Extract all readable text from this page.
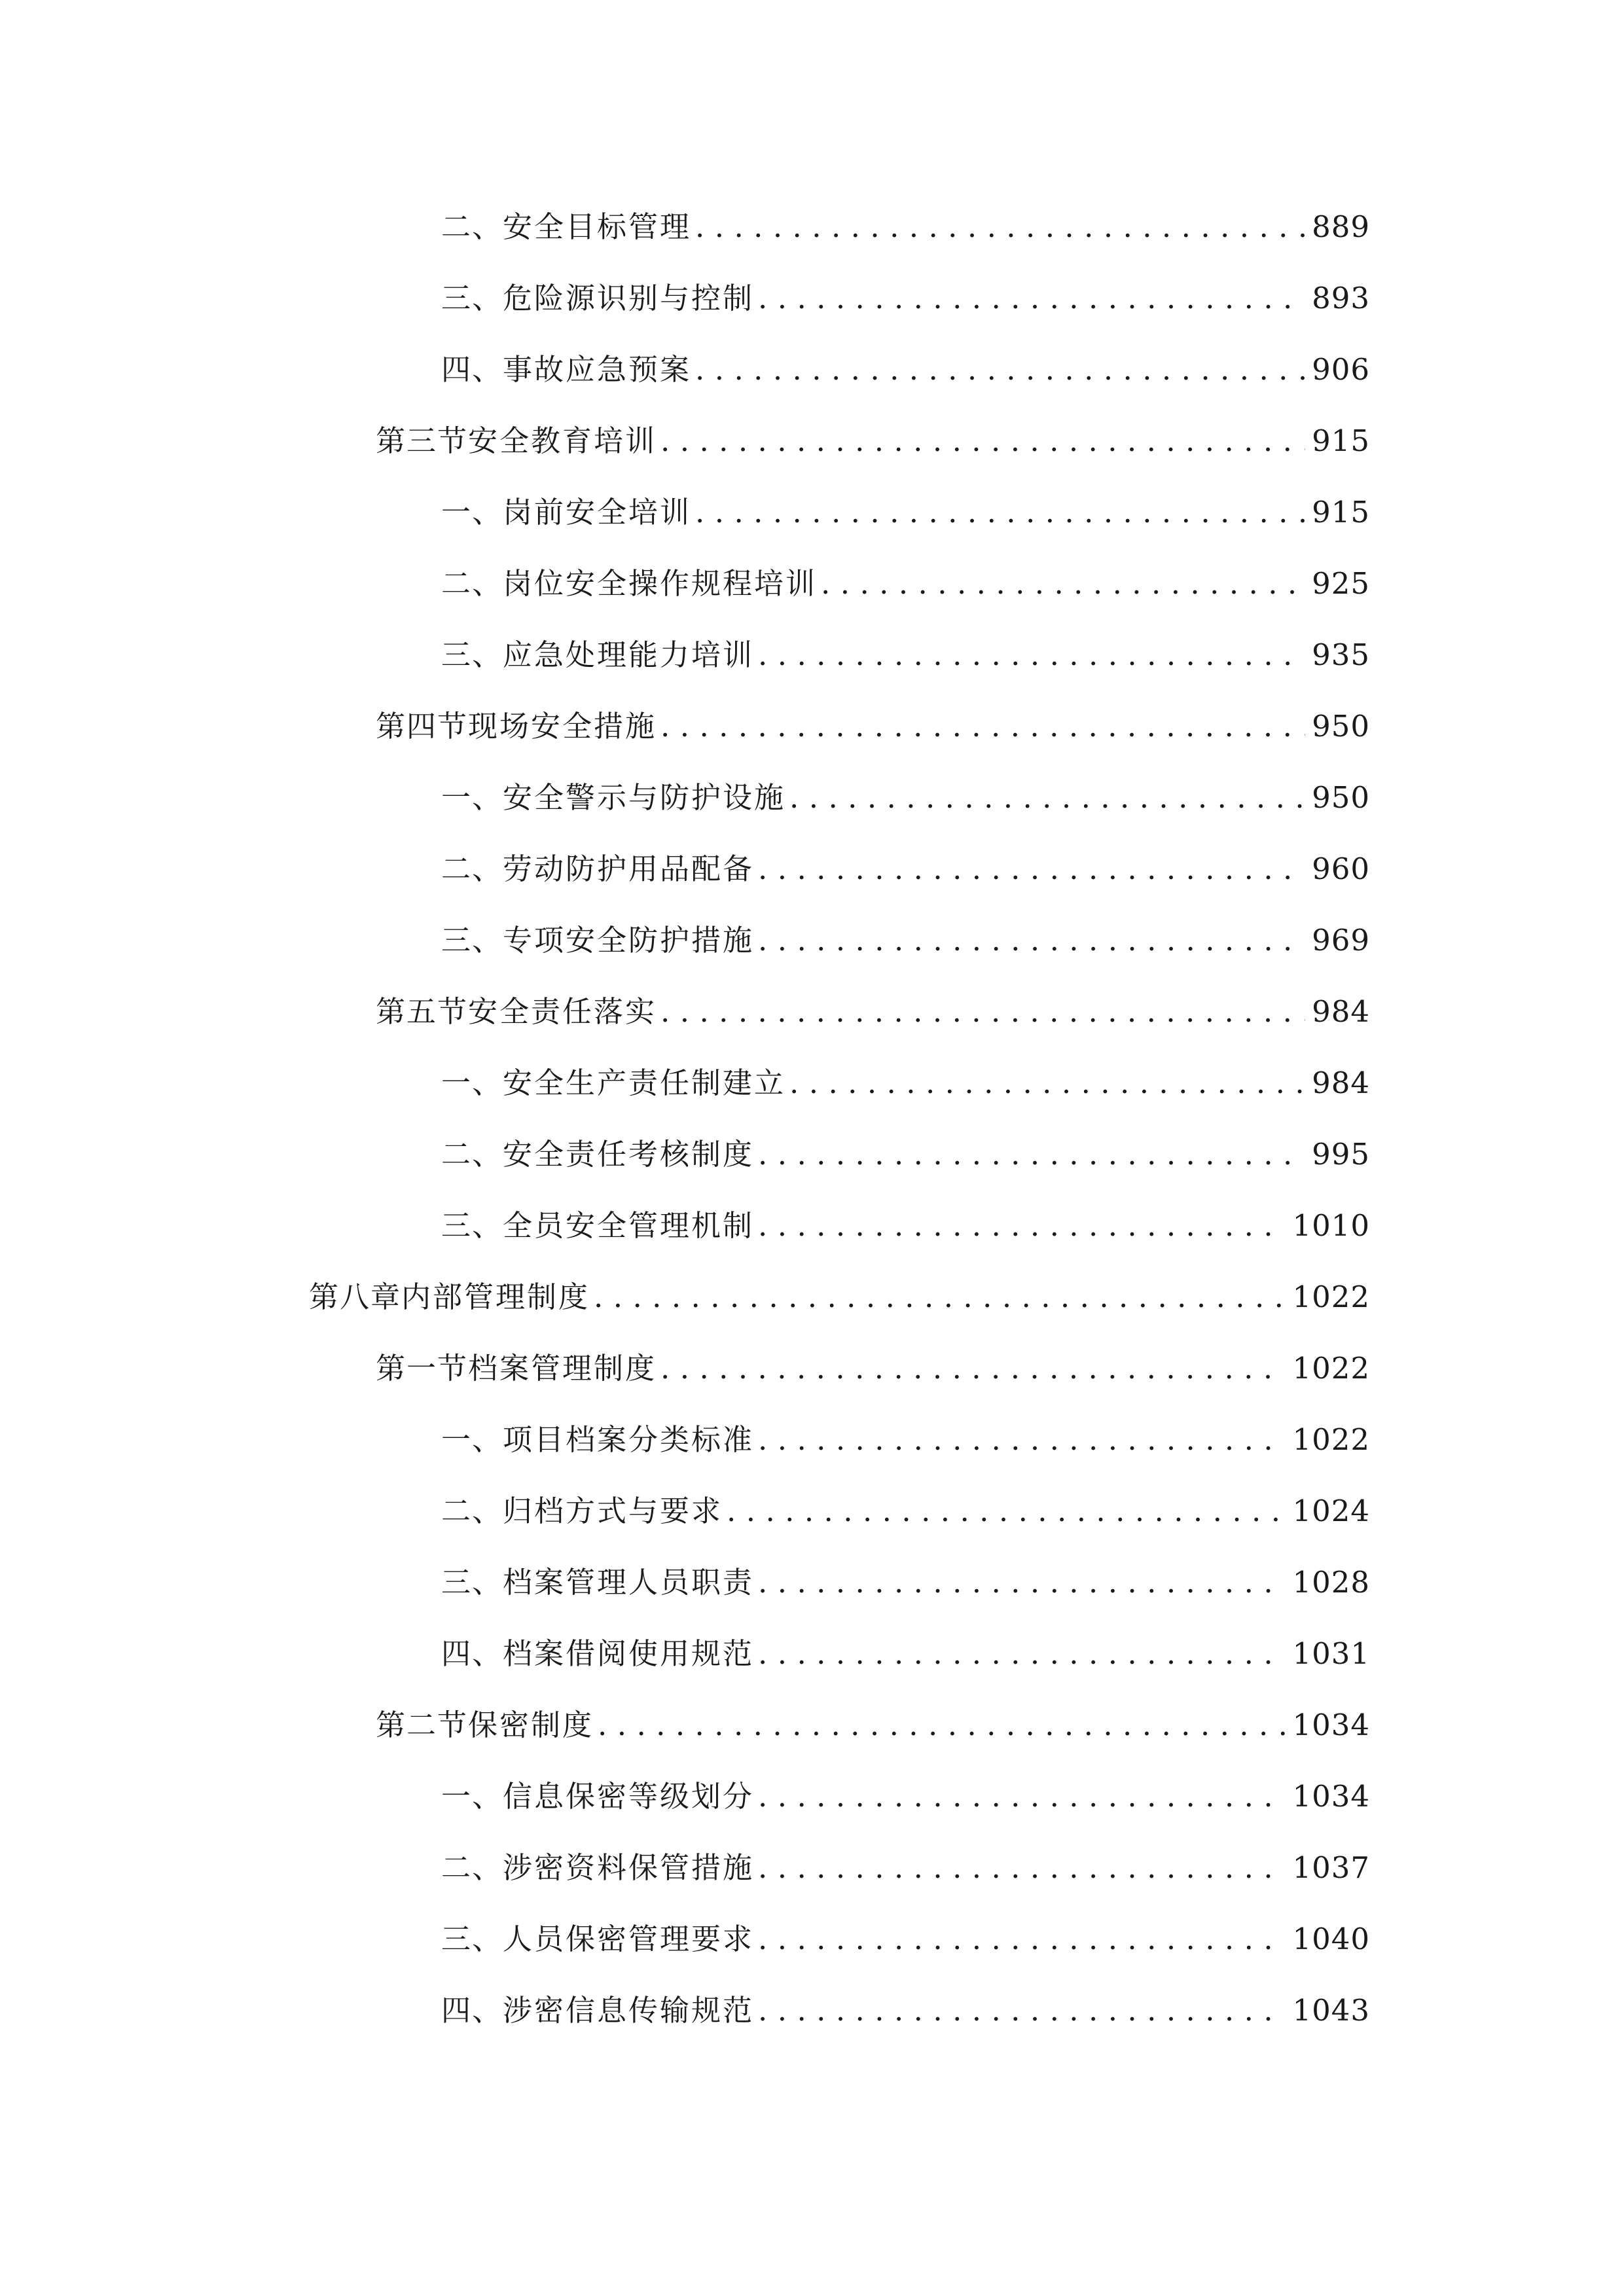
二、 安全目标管理 .....	889
三、 危险源识别与控制 .....	893
四、 事故应急预案 .....	906
第三节 安全教育培训 .....	915
一、 岗前安全培训 .....	915
二、 岗位安全操作规程培训 .....	925
三、 应急处理能力培训 .....	935
第四节 现场安全措施 .....	950
一、 安全警示与防护设施 .....	950
二、 劳动防护用品配备 .....	960
三、 专项安全防护措施 .....	969
第五节 安全责任落实 .....	984
一、 安全生产责任制建立 .....	984
二、 安全责任考核制度 .....	995
三、 全员安全管理机制 .....	1010
第八章 内部管理制度 .....	1022
第一节 档案管理制度 .....	1022
一、 项目档案分类标准 .....	1022
二、 归档方式与要求 .....	1024
三、 档案管理人员职责 .....	1028
四、 档案借阅使用规范 .....	1031
第二节 保密制度 .....	1034
一、 信息保密等级划分 .....	1034
二、 涉密资料保管措施 .....	1037
三、 人员保密管理要求 .....	1040
四、 涉密信息传输规范 .....	1043
